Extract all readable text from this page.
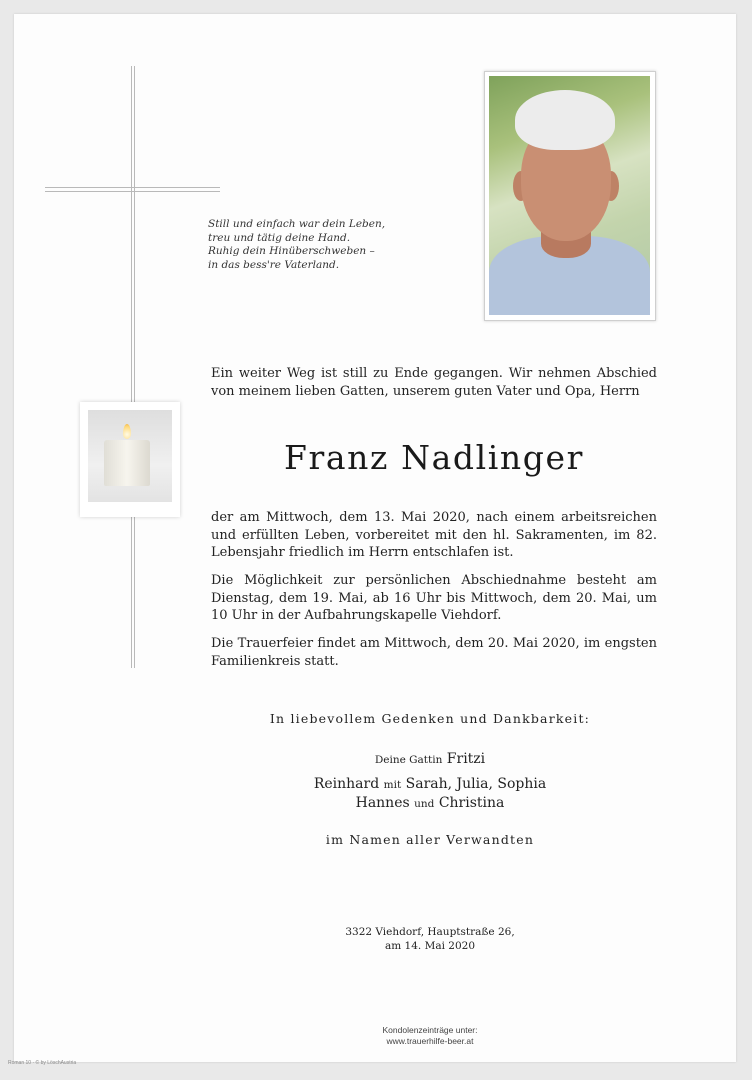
Still und einfach war dein Leben,
treu und tätig deine Hand.
Ruhig dein Hinüberschweben –
in das bess're Vaterland.
Ein weiter Weg ist still zu Ende gegangen. Wir nehmen Abschied von meinem lieben Gatten, unserem guten Vater und Opa, Herrn
Franz Nadlinger
der am Mittwoch, dem 13. Mai 2020, nach einem arbeitsreichen und erfüllten Leben, vorbereitet mit den hl. Sakramenten, im 82. Lebensjahr friedlich im Herrn entschlafen ist.
Die Möglichkeit zur persönlichen Abschiednahme besteht am Dienstag, dem 19. Mai, ab 16 Uhr bis Mittwoch, dem 20. Mai, um 10 Uhr in der Aufbahrungskapelle Viehdorf.
Die Trauerfeier findet am Mittwoch, dem 20. Mai 2020, im engsten Familienkreis statt.
In liebevollem Gedenken und Dankbarkeit:
Deine Gattin Fritzi
Reinhard mit Sarah, Julia, Sophia
Hannes und Christina
im Namen aller Verwandten
3322 Viehdorf, Hauptstraße 26,
am 14. Mai 2020
Kondolenzeinträge unter:
www.trauerhilfe-beer.at
Roman 10 · © by LöschAustria
